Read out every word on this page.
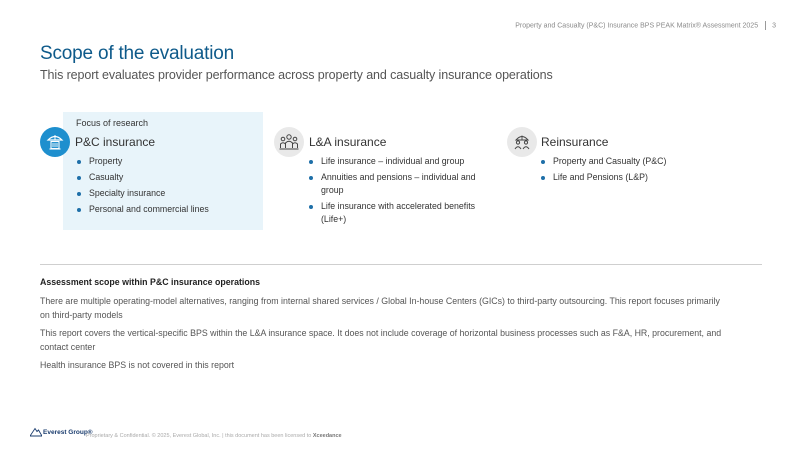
Property and Casualty (P&C) Insurance BPS PEAK Matrix® Assessment 2025 3
Scope of the evaluation
This report evaluates provider performance across property and casualty insurance operations
Focus of research
P&C insurance
Property
Casualty
Specialty insurance
Personal and commercial lines
L&A insurance
Life insurance – individual and group
Annuities and pensions – individual and group
Life insurance with accelerated benefits (Life+)
Reinsurance
Property and Casualty (P&C)
Life and Pensions (L&P)
Assessment scope within P&C insurance operations
There are multiple operating-model alternatives, ranging from internal shared services / Global In-house Centers (GICs) to third-party outsourcing. This report focuses primarily on third-party models
This report covers the vertical-specific BPS within the L&A insurance space. It does not include coverage of horizontal business processes such as F&A, HR, procurement, and contact center
Health insurance BPS is not covered in this report
Everest Group®
Proprietary & Confidential. © 2025, Everest Global, Inc. | this document has been licensed to Xceedance
